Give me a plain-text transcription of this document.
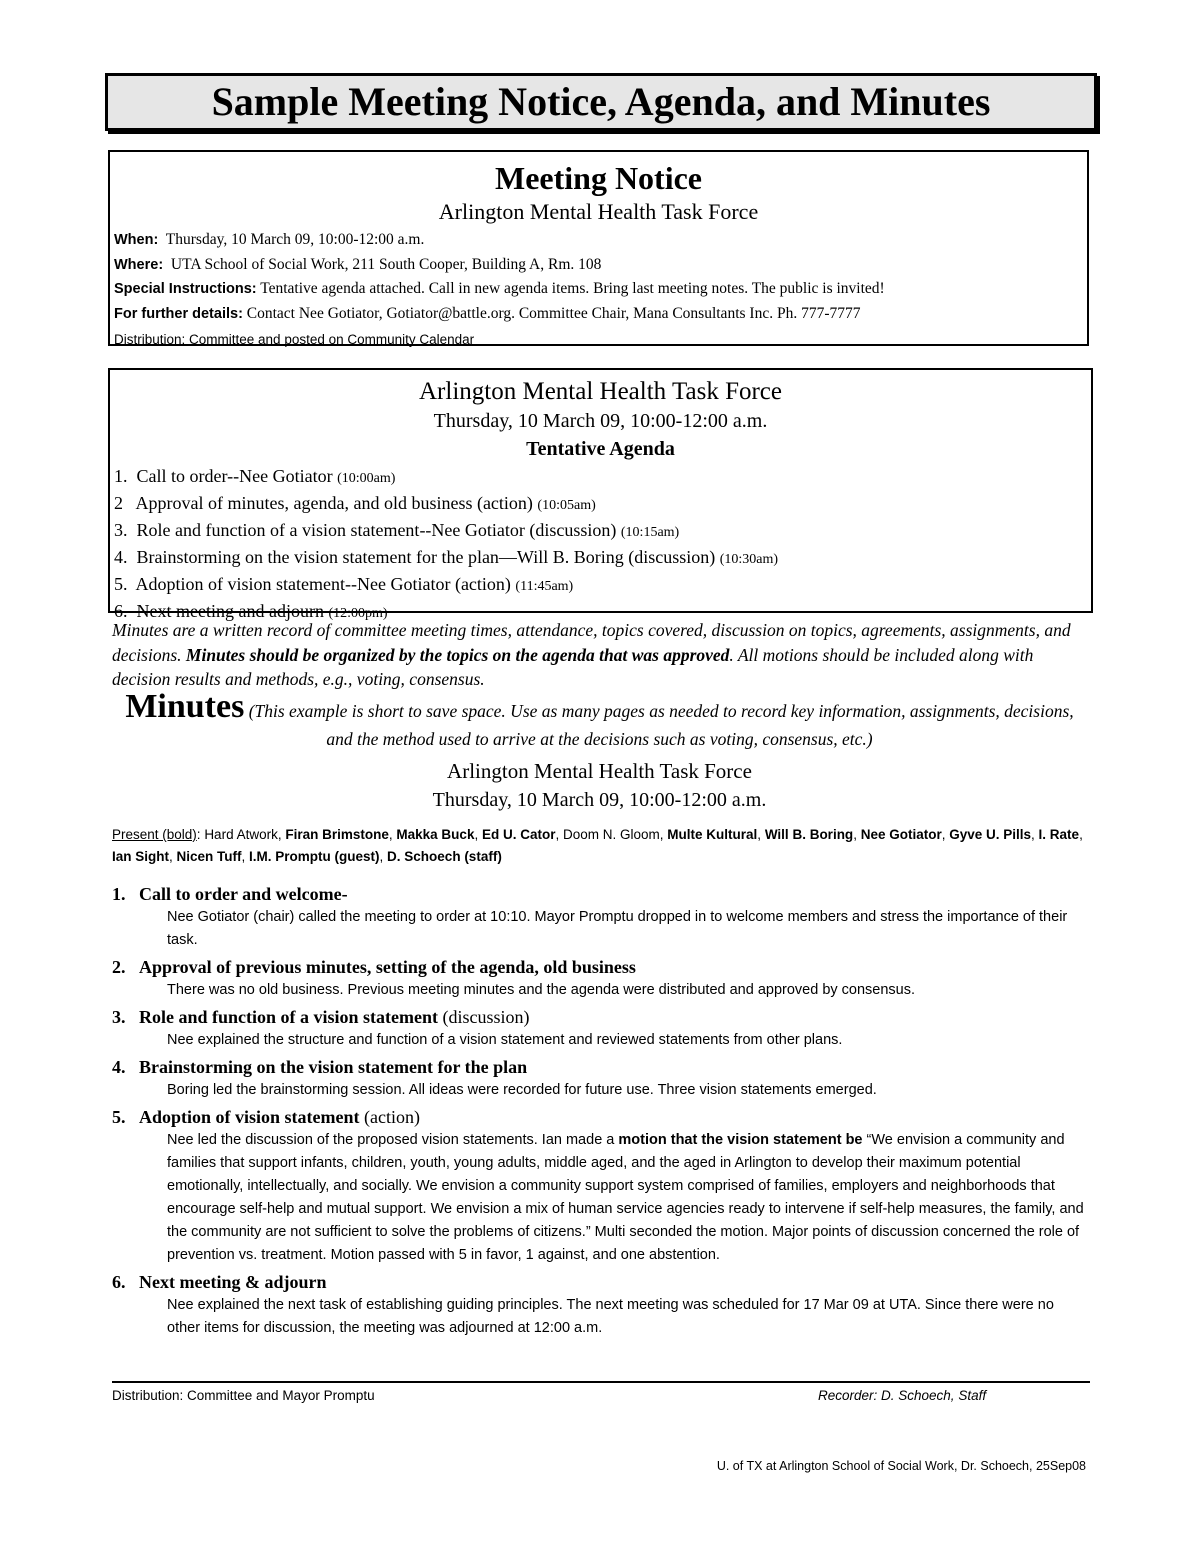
Sample Meeting Notice, Agenda, and Minutes
Meeting Notice
Arlington Mental Health Task Force
When: Thursday, 10 March 09, 10:00-12:00 a.m.
Where: UTA School of Social Work, 211 South Cooper, Building A, Rm. 108
Special Instructions: Tentative agenda attached. Call in new agenda items. Bring last meeting notes. The public is invited!
For further details: Contact Nee Gotiator, Gotiator@battle.org. Committee Chair, Mana Consultants Inc. Ph. 777-7777
Distribution: Committee and posted on Community Calendar
Arlington Mental Health Task Force
Thursday, 10 March 09, 10:00-12:00 a.m.
Tentative Agenda
1. Call to order--Nee Gotiator (10:00am)
2 Approval of minutes, agenda, and old business (action) (10:05am)
3. Role and function of a vision statement--Nee Gotiator (discussion) (10:15am)
4. Brainstorming on the vision statement for the plan—Will B. Boring (discussion) (10:30am)
5. Adoption of vision statement--Nee Gotiator (action) (11:45am)
6. Next meeting and adjourn (12:00pm)
Minutes are a written record of committee meeting times, attendance, topics covered, discussion on topics, agreements, assignments, and decisions. Minutes should be organized by the topics on the agenda that was approved. All motions should be included along with decision results and methods, e.g., voting, consensus.
Minutes (This example is short to save space. Use as many pages as needed to record key information, assignments, decisions, and the method used to arrive at the decisions such as voting, consensus, etc.)
Arlington Mental Health Task Force
Thursday, 10 March 09, 10:00-12:00 a.m.
Present (bold): Hard Atwork, Firan Brimstone, Makka Buck, Ed U. Cator, Doom N. Gloom, Multe Kultural, Will B. Boring, Nee Gotiator, Gyve U. Pills, I. Rate, Ian Sight, Nicen Tuff, I.M. Promptu (guest), D. Schoech (staff)
1. Call to order and welcome-
Nee Gotiator (chair) called the meeting to order at 10:10. Mayor Promptu dropped in to welcome members and stress the importance of their task.
2. Approval of previous minutes, setting of the agenda, old business
There was no old business. Previous meeting minutes and the agenda were distributed and approved by consensus.
3. Role and function of a vision statement (discussion)
Nee explained the structure and function of a vision statement and reviewed statements from other plans.
4. Brainstorming on the vision statement for the plan
Boring led the brainstorming session. All ideas were recorded for future use. Three vision statements emerged.
5. Adoption of vision statement (action)
Nee led the discussion of the proposed vision statements. Ian made a motion that the vision statement be “We envision a community and families that support infants, children, youth, young adults, middle aged, and the aged in Arlington to develop their maximum potential emotionally, intellectually, and socially. We envision a community support system comprised of families, employers and neighborhoods that encourage self-help and mutual support. We envision a mix of human service agencies ready to intervene if self-help measures, the family, and the community are not sufficient to solve the problems of citizens.” Multi seconded the motion. Major points of discussion concerned the role of prevention vs. treatment. Motion passed with 5 in favor, 1 against, and one abstention.
6. Next meeting & adjourn
Nee explained the next task of establishing guiding principles. The next meeting was scheduled for 17 Mar 09 at UTA. Since there were no other items for discussion, the meeting was adjourned at 12:00 a.m.
Distribution: Committee and Mayor Promptu	Recorder: D. Schoech, Staff
U. of TX at Arlington School of Social Work, Dr. Schoech, 25Sep08
